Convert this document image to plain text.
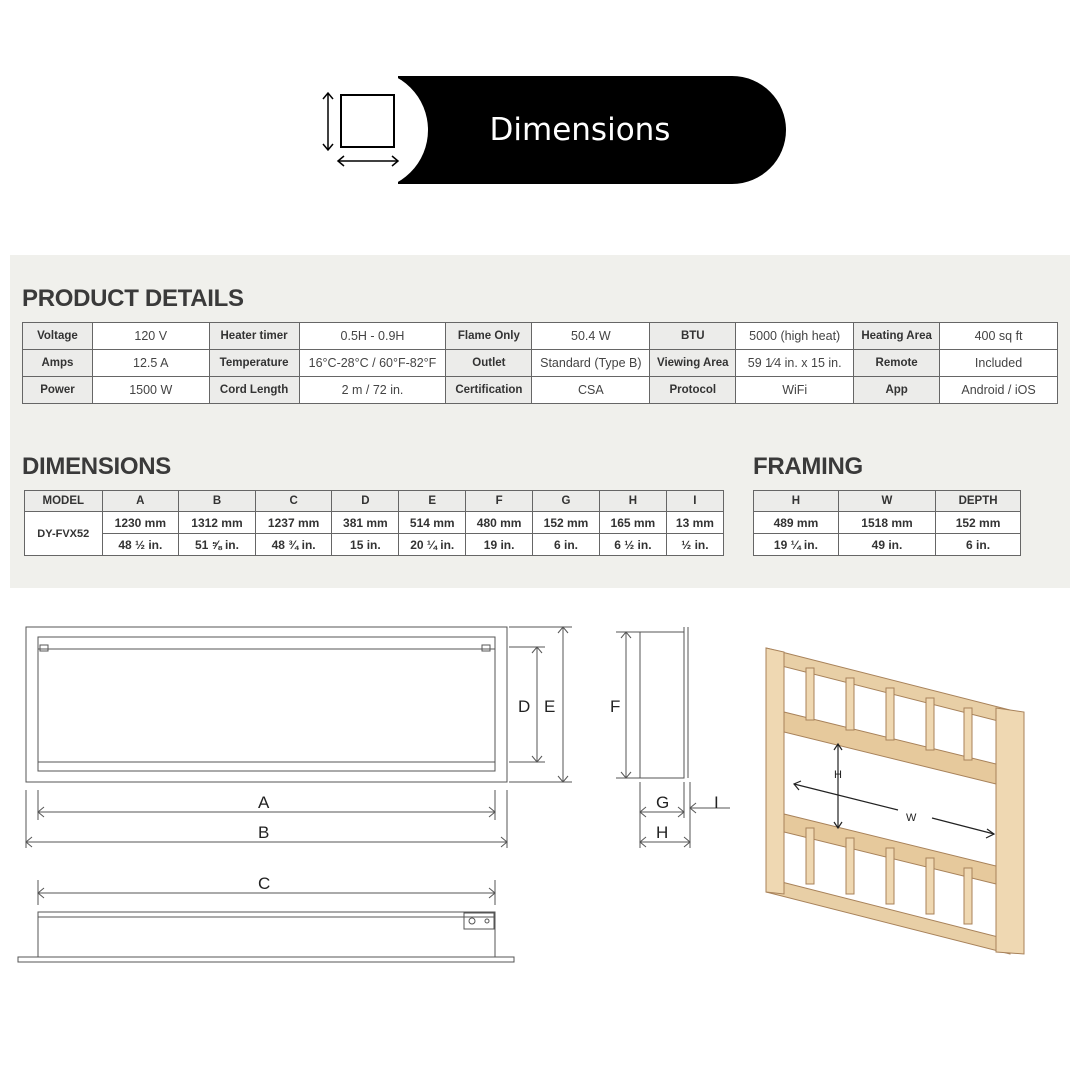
Dimensions
PRODUCT DETAILS
Voltage	120 V	Heater timer	0.5H - 0.9H	Flame Only	50.4 W	BTU	5000 (high heat)	Heating Area	400 sq ft
Amps	12.5 A	Temperature	16°C-28°C / 60°F-82°F	Outlet	Standard (Type B)	Viewing Area	59 1⁄4 in. x 15 in.	Remote	Included
Power	1500 W	Cord Length	2 m / 72 in.	Certification	CSA	Protocol	WiFi	App	Android / iOS
DIMENSIONS	FRAMING
MODEL	A	B	C	D	E	F	G	H	I
DY-FVX52	1230 mm	1312 mm	1237 mm	381 mm	514 mm	480 mm	152 mm	165 mm	13 mm
	48 ½ in.	51 ⅝ in.	48 ¾ in.	15 in.	20 ¼ in.	19 in.	6 in.	6 ½ in.	½ in.
H	W	DEPTH
489 mm	1518 mm	152 mm
19 ¼ in.	49 in.	6 in.
D E
A
B
C
F
G
H
I
H
W
